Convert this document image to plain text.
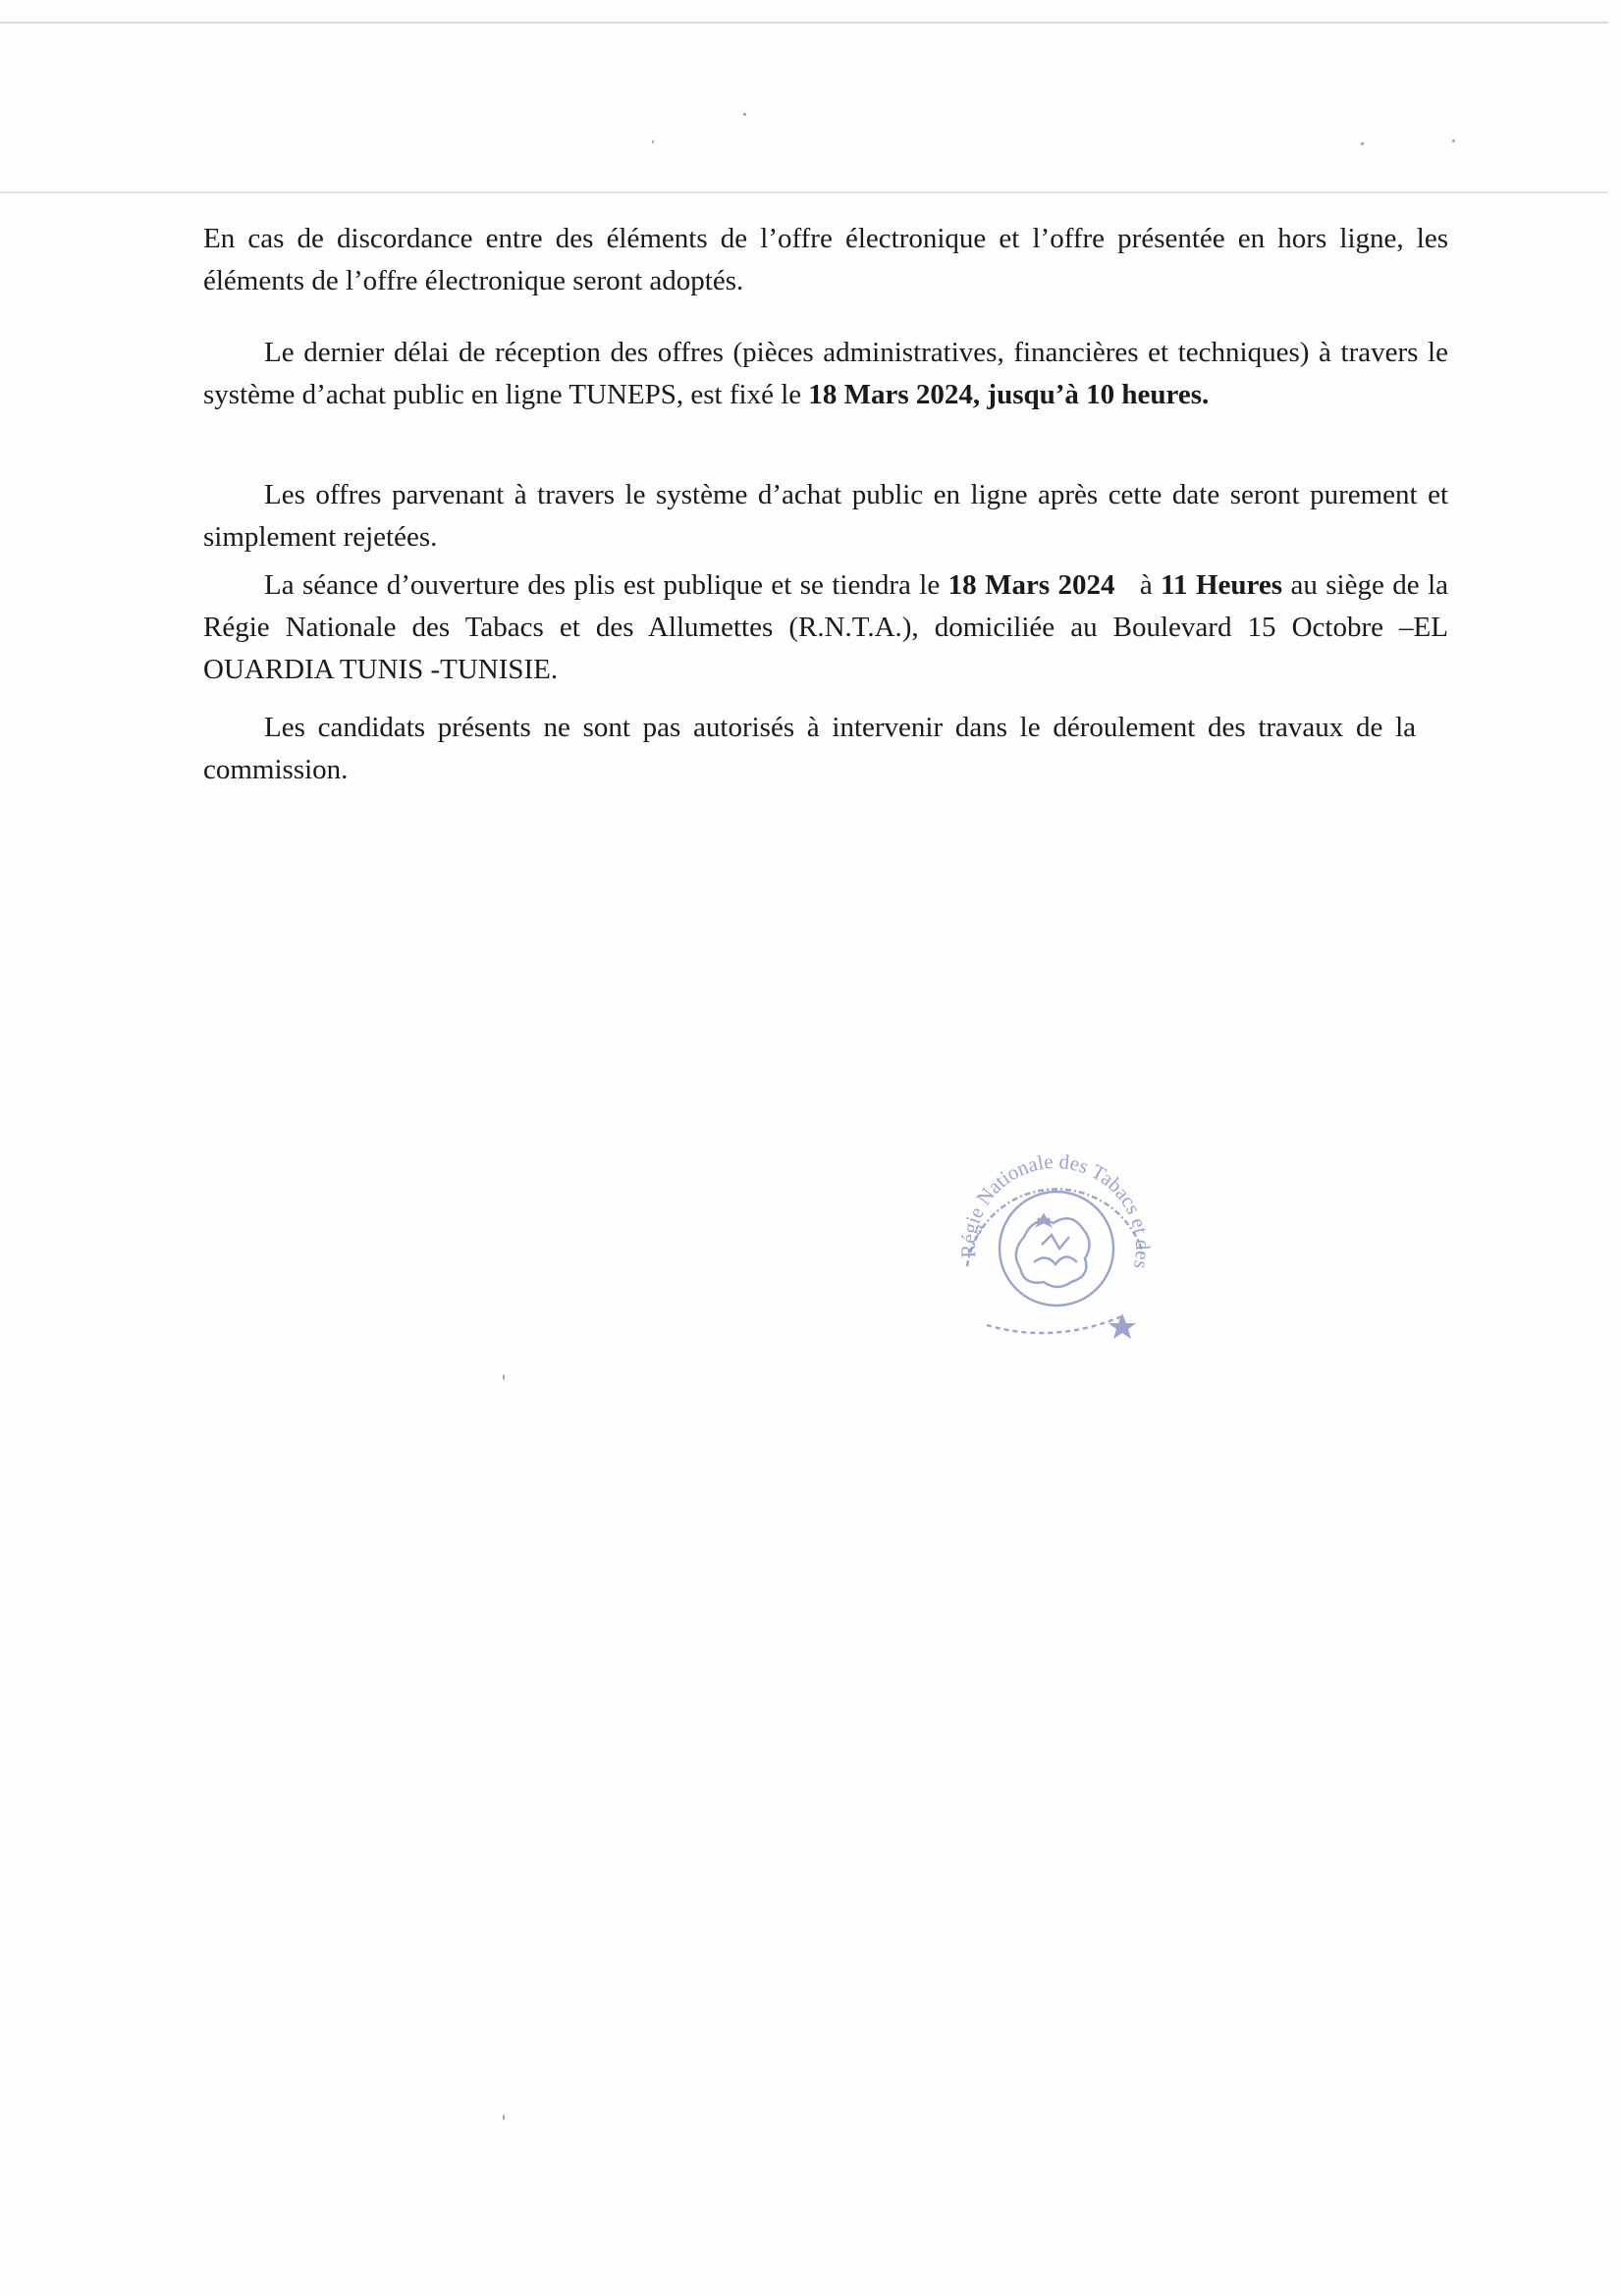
En cas de discordance entre des éléments de l’offre électronique et l’offre présentée en hors ligne, les éléments de l’offre électronique seront adoptés.

Le dernier délai de réception des offres (pièces administratives, financières et techniques) à travers le système d’achat public en ligne TUNEPS, est fixé le 18 Mars 2024, jusqu’à 10 heures.

Les offres parvenant à travers le système d’achat public en ligne après cette date seront purement et simplement rejetées.

La séance d’ouverture des plis est publique et se tiendra le 18 Mars 2024   à 11 Heures au siège de la Régie Nationale des Tabacs et des Allumettes (R.N.T.A.), domiciliée au Boulevard 15 Octobre –EL OUARDIA TUNIS -TUNISIE.

Les candidats présents ne sont pas autorisés à intervenir dans le déroulement des travaux de la commission.

Régie Nationale des Tabacs et des
